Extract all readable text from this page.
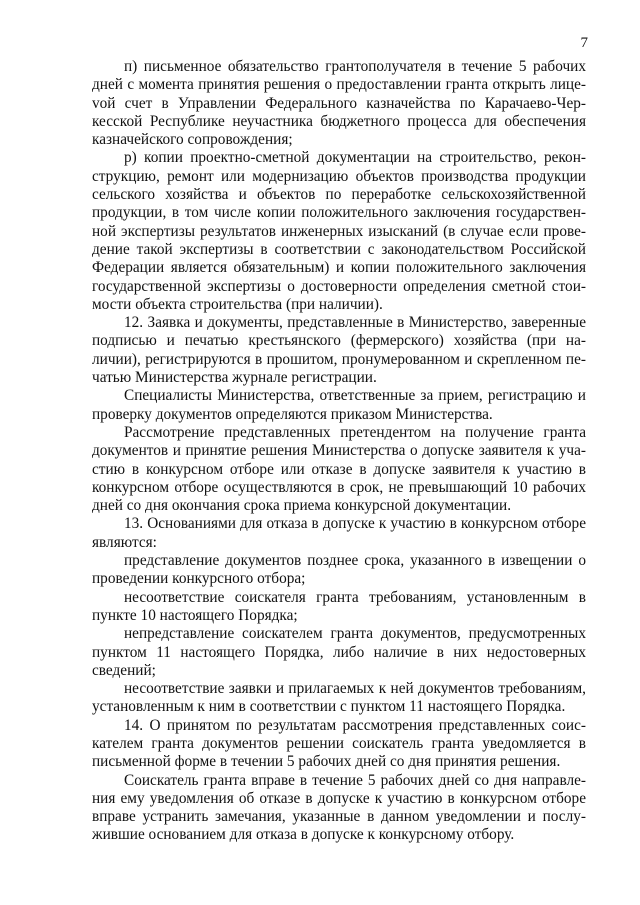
7

п) письменное обязательство грантополучателя в течение 5 рабочих дней с момента принятия решения о предоставлении гранта открыть лицеvой счет в Управлении Федерального казначейства по Карачаево-Черкесской Республике неучастника бюджетного процесса для обеспечения казначейского сопровождения;

р) копии проектно-сметной документации на строительство, реконструкцию, ремонт или модернизацию объектов производства продукции сельского хозяйства и объектов по переработке сельскохозяйственной продукции, в том числе копии положительного заключения государственной экспертизы результатов инженерных изысканий (в случае если проведение такой экспертизы в соответствии с законодательством Российской Федерации является обязательным) и копии положительного заключения государственной экспертизы о достоверности определения сметной стоимости объекта строительства (при наличии).

12. Заявка и документы, представленные в Министерство, заверенные подписью и печатью крестьянского (фермерского) хозяйства (при наличии), регистрируются в прошитом, пронумерованном и скрепленном печатью Министерства журнале регистрации.

Специалисты Министерства, ответственные за прием, регистрацию и проверку документов определяются приказом Министерства.

Рассмотрение представленных претендентом на получение гранта документов и принятие решения Министерства о допуске заявителя к участию в конкурсном отборе или отказе в допуске заявителя к участию в конкурсном отборе осуществляются в срок, не превышающий 10 рабочих дней со дня окончания срока приема конкурсной документации.

13. Основаниями для отказа в допуске к участию в конкурсном отборе являются:

представление документов позднее срока, указанного в извещении о проведении конкурсного отбора;

несоответствие соискателя гранта требованиям, установленным в пункте 10 настоящего Порядка;

непредставление соискателем гранта документов, предусмотренных пунктом 11 настоящего Порядка, либо наличие в них недостоверных сведений;

несоответствие заявки и прилагаемых к ней документов требованиям, установленным к ним в соответствии с пунктом 11 настоящего Порядка.

14. О принятом по результатам рассмотрения представленных соискателем гранта документов решении соискатель гранта уведомляется в письменной форме в течении 5 рабочих дней со дня принятия решения.

Соискатель гранта вправе в течение 5 рабочих дней со дня направления ему уведомления об отказе в допуске к участию в конкурсном отборе вправе устранить замечания, указанные в данном уведомлении и послужившие основанием для отказа в допуске к конкурсному отбору.
